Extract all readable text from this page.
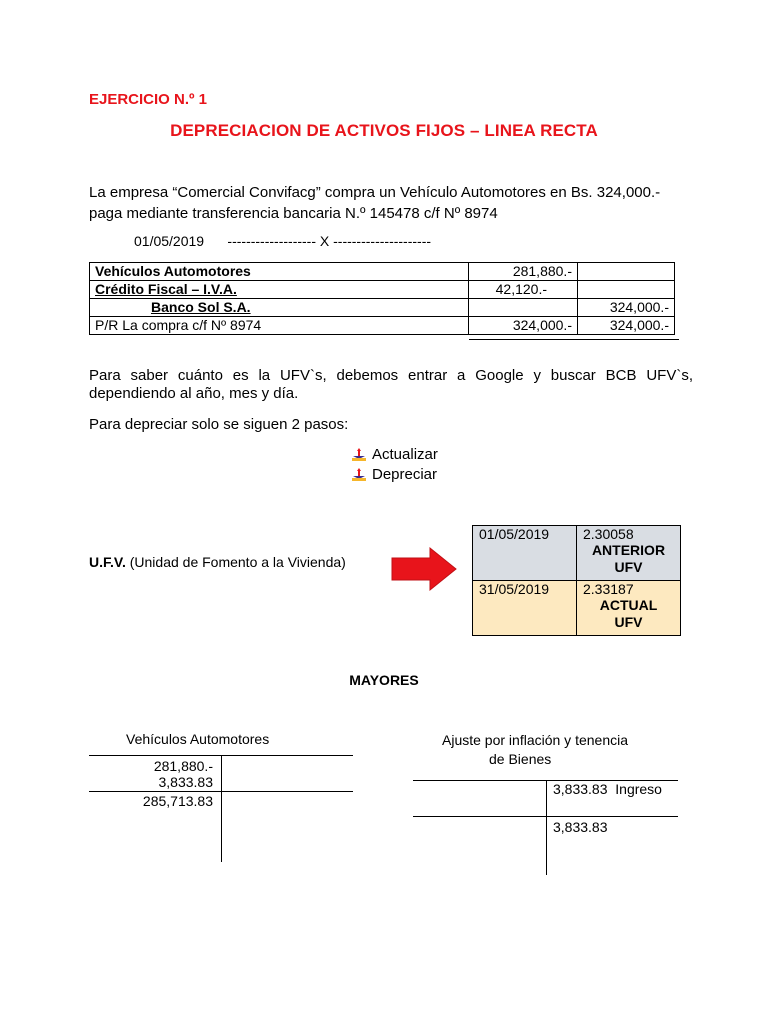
EJERCICIO N.º 1
DEPRECIACION DE ACTIVOS FIJOS – LINEA RECTA
La empresa “Comercial Convifacg” compra un Vehículo Automotores en Bs. 324,000.-
paga mediante transferencia bancaria N.º 145478 c/f Nº 8974
01/05/2019 ------------------- X ---------------------
Vehículos Automotores	281,880.-	
Crédito Fiscal – I.V.A.	42,120.-	
Banco Sol S.A.		324,000.-
P/R La compra c/f Nº 8974	324,000.-	324,000.-
Para saber cuánto es la UFV`s, debemos entrar a Google y buscar BCB UFV`s, dependiendo al año, mes y día.
Para depreciar solo se siguen 2 pasos:
Actualizar
Depreciar
U.F.V. (Unidad de Fomento a la Vivienda)
01/05/2019	2.30058
ANTERIOR
UFV

31/05/2019	2.33187
ACTUAL
UFV
MAYORES
Vehículos Automotores
281,880.-
3,833.83
285,713.83
Ajuste por inflación y tenencia
de Bienes
3,833.83  Ingreso
3,833.83
